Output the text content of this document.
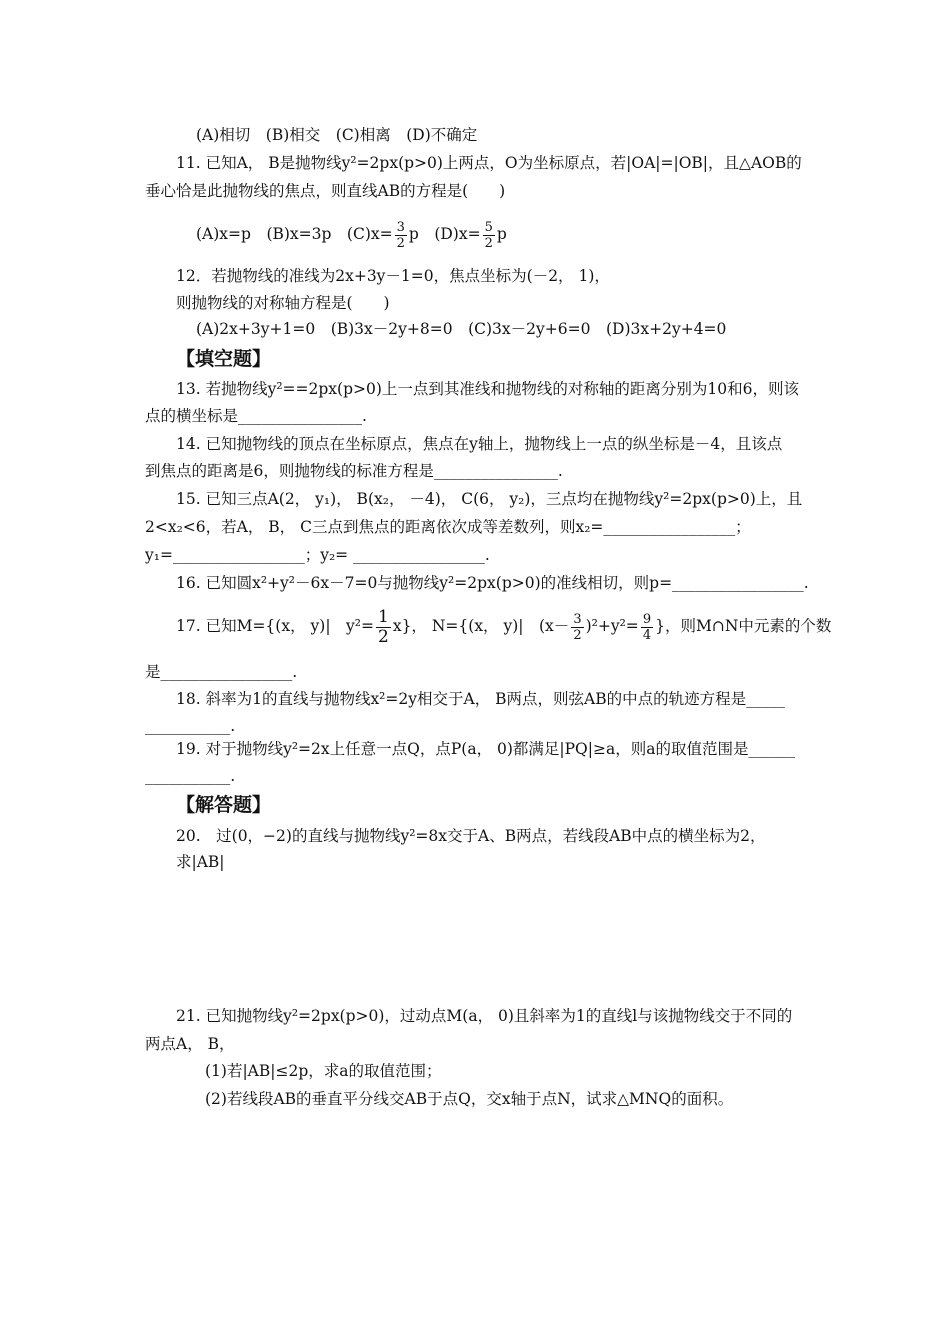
(A)相切　(B)相交　(C)相离　(D)不确定
11. 已知A， B是抛物线y²=2px(p>0)上两点，O为坐标原点，若|OA|=|OB|，且△AOB的
垂心恰是此抛物线的焦点，则直线AB的方程是(　　)
(A)x=p　(B)x=3p　$(C)x= \frac{3}{2}$ p　$(D)x= \frac{5}{2}$ p
12．若抛物线的准线为2x+3y－1=0，焦点坐标为(－2， 1)，
则抛物线的对称轴方程是(　　)
(A)2x+3y+1=0　(B)3x－2y+8=0　(C)3x－2y+6=0　(D)3x+2y+4=0
【填空题】
13. 若抛物线y²==2px(p>0)上一点到其准线和抛物线的对称轴的距离分别为10和6，则该
点的横坐标是________________.
14. 已知抛物线的顶点在坐标原点，焦点在y轴上，抛物线上一点的纵坐标是－4，且该点
到焦点的距离是6，则抛物线的标准方程是________________.
15. 已知三点A(2， y₁)， B(x₂， －4)， C(6， y₂)，三点均在抛物线y²=2px(p>0)上，且
2<x₂<6，若A， B， C三点到焦点的距离依次成等差数列，则x₂=_________________；
y₁=_________________；y₂= _________________.
16. 已知圆x²+y²－6x－7=0与抛物线y²=2px(p>0)的准线相切，则p=_________________.
17. 已知M={(x， y)|　$y^2= \frac{1}{2} x$}， N={(x， y)|　$(x- \frac{3}{2} )^2+y^2= \frac{9}{4}$ }，则M∩N中元素的个数
是_________________.
18. 斜率为1的直线与抛物线x²=2y相交于A， B两点，则弦AB的中点的轨迹方程是_____
___________.
19. 对于抛物线y²=2x上任意一点Q，点P(a， 0)都满足|PQ|≥a，则a的取值范围是______
___________.
【解答题】
20.　过(0，−2)的直线与抛物线y²=8x交于A、B两点，若线段AB中点的横坐标为2，
求|AB|
21. 已知抛物线y²=2px(p>0)，过动点M(a， 0)且斜率为1的直线l与该抛物线交于不同的
两点A， B，
(1)若|AB|≤2p，求a的取值范围；
(2)若线段AB的垂直平分线交AB于点Q，交x轴于点N，试求△MNQ的面积。
